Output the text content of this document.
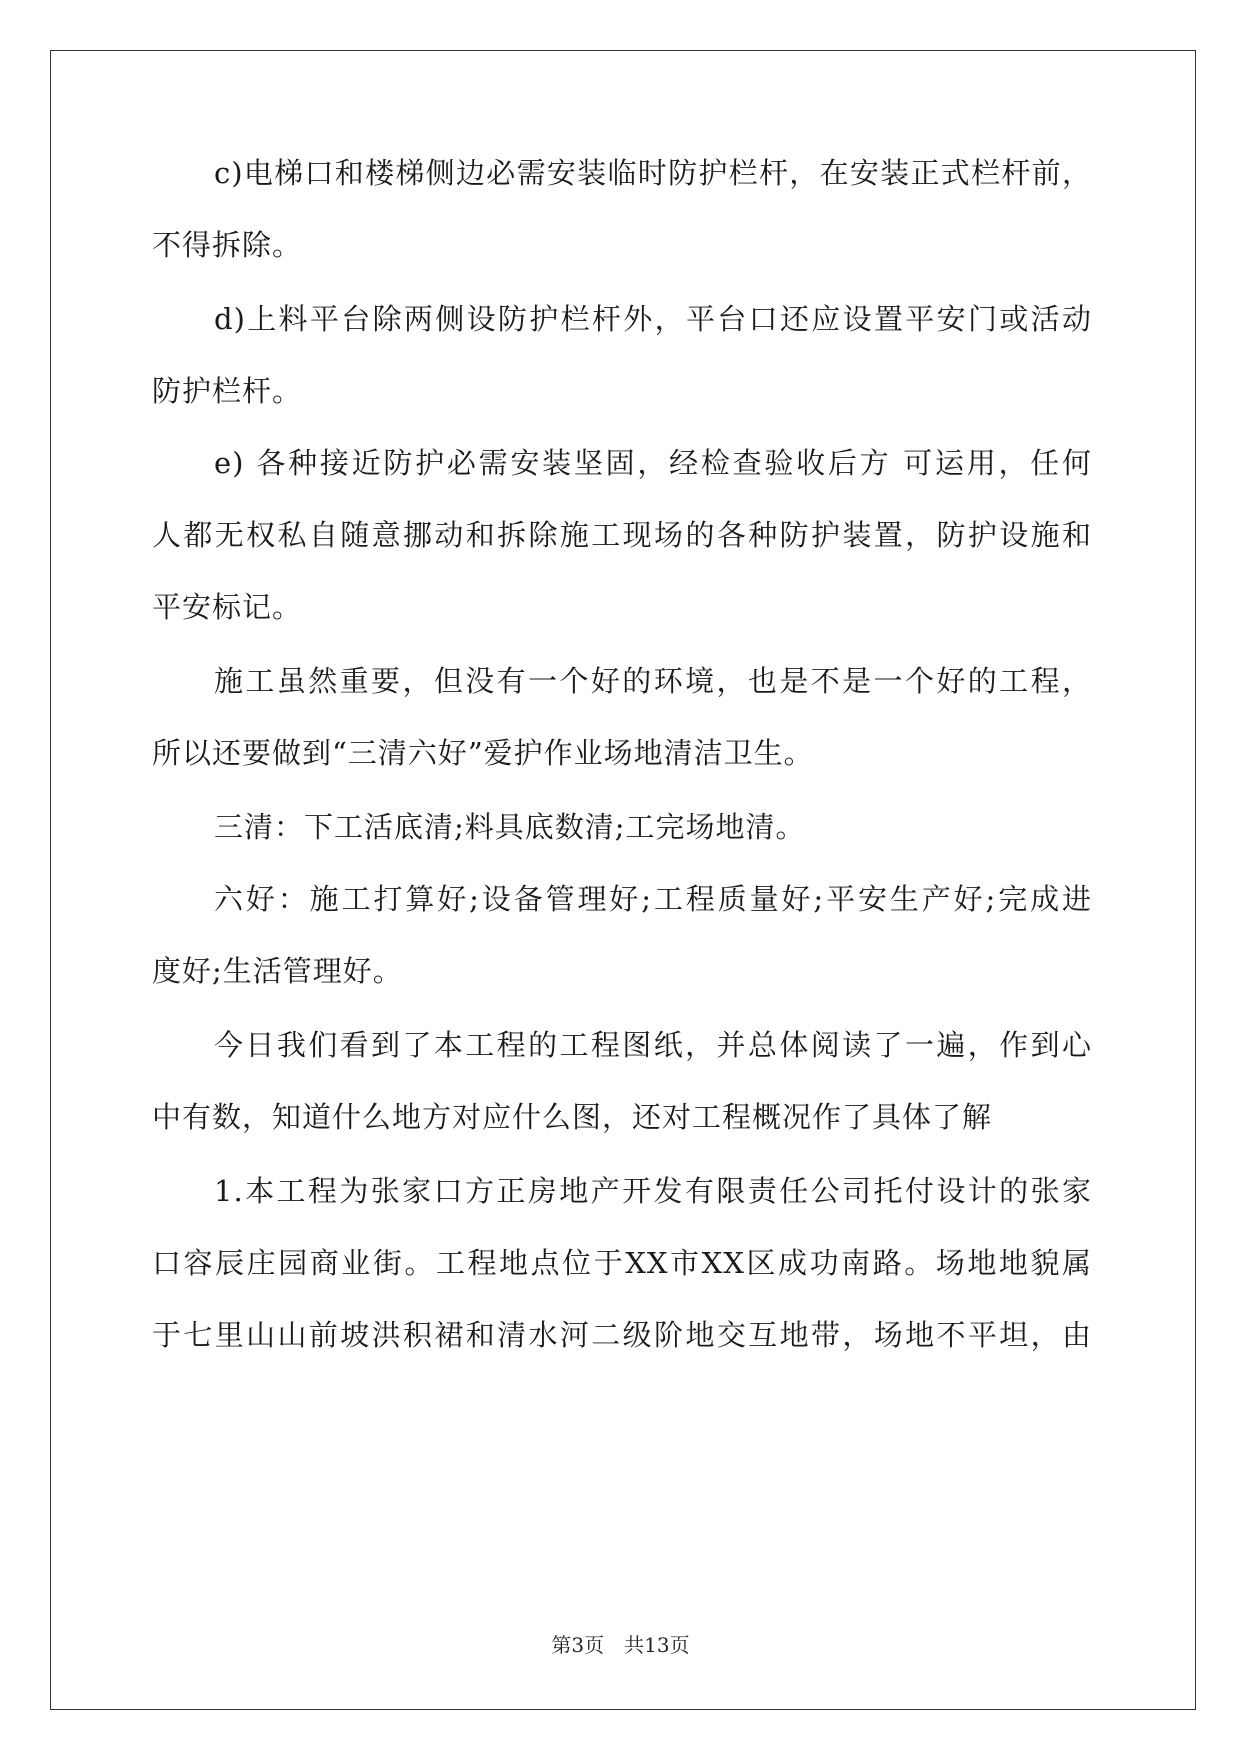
c)电梯口和楼梯侧边必需安装临时防护栏杆，在安装正式栏杆前，
不得拆除。
d)上料平台除两侧设防护栏杆外，平台口还应设置平安门或活动
防护栏杆。
e) 各种接近防护必需安装坚固，经检查验收后方 可运用，任何
人都无权私自随意挪动和拆除施工现场的各种防护装置，防护设施和
平安标记。
施工虽然重要，但没有一个好的环境，也是不是一个好的工程，
所以还要做到“三清六好”爱护作业场地清洁卫生。
三清：下工活底清;料具底数清;工完场地清。
六好：施工打算好;设备管理好;工程质量好;平安生产好;完成进
度好;生活管理好。
今日我们看到了本工程的工程图纸，并总体阅读了一遍，作到心
中有数，知道什么地方对应什么图，还对工程概况作了具体了解
1.本工程为张家口方正房地产开发有限责任公司托付设计的张家
口容辰庄园商业街。工程地点位于XX市XX区成功南路。场地地貌属
于七里山山前坡洪积裙和清水河二级阶地交互地带，场地不平坦，由
第3页　共13页
